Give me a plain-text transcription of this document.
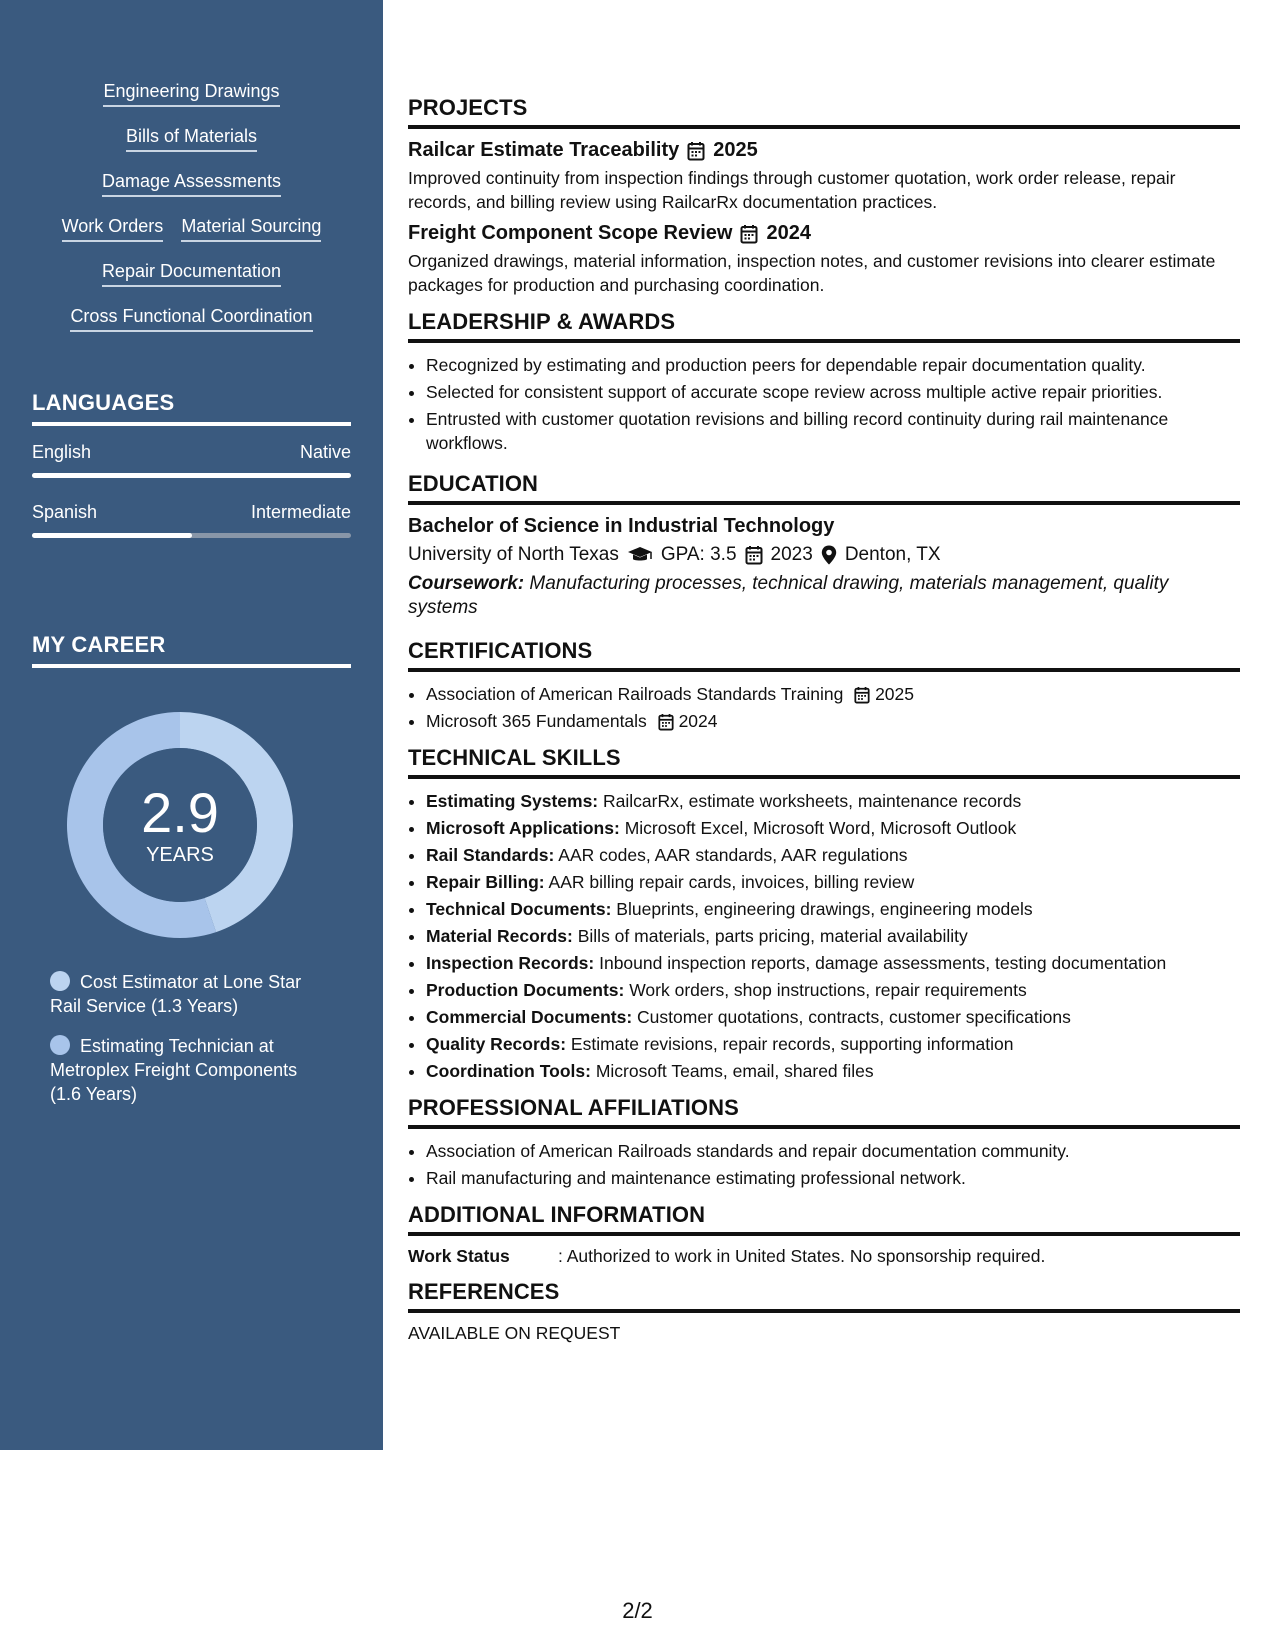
Engineering Drawings
Bills of Materials
Damage Assessments
Work Orders Material Sourcing
Repair Documentation
Cross Functional Coordination
LANGUAGES
English	Native
Spanish	Intermediate
MY CAREER
2.9
YEARS
Cost Estimator at Lone Star Rail Service (1.3 Years)
Estimating Technician at Metroplex Freight Components (1.6 Years)
PROJECTS
Railcar Estimate Traceability 2025
Improved continuity from inspection findings through customer quotation, work order release, repair records, and billing review using RailcarRx documentation practices.
Freight Component Scope Review 2024
Organized drawings, material information, inspection notes, and customer revisions into clearer estimate packages for production and purchasing coordination.
LEADERSHIP & AWARDS
• Recognized by estimating and production peers for dependable repair documentation quality.
• Selected for consistent support of accurate scope review across multiple active repair priorities.
• Entrusted with customer quotation revisions and billing record continuity during rail maintenance workflows.
EDUCATION
Bachelor of Science in Industrial Technology
University of North Texas GPA: 3.5 2023 Denton, TX
Coursework: Manufacturing processes, technical drawing, materials management, quality systems
CERTIFICATIONS
• Association of American Railroads Standards Training 2025
• Microsoft 365 Fundamentals 2024
TECHNICAL SKILLS
• Estimating Systems: RailcarRx, estimate worksheets, maintenance records
• Microsoft Applications: Microsoft Excel, Microsoft Word, Microsoft Outlook
• Rail Standards: AAR codes, AAR standards, AAR regulations
• Repair Billing: AAR billing repair cards, invoices, billing review
• Technical Documents: Blueprints, engineering drawings, engineering models
• Material Records: Bills of materials, parts pricing, material availability
• Inspection Records: Inbound inspection reports, damage assessments, testing documentation
• Production Documents: Work orders, shop instructions, repair requirements
• Commercial Documents: Customer quotations, contracts, customer specifications
• Quality Records: Estimate revisions, repair records, supporting information
• Coordination Tools: Microsoft Teams, email, shared files
PROFESSIONAL AFFILIATIONS
• Association of American Railroads standards and repair documentation community.
• Rail manufacturing and maintenance estimating professional network.
ADDITIONAL INFORMATION
Work Status	: Authorized to work in United States. No sponsorship required.
REFERENCES
AVAILABLE ON REQUEST
2/2
